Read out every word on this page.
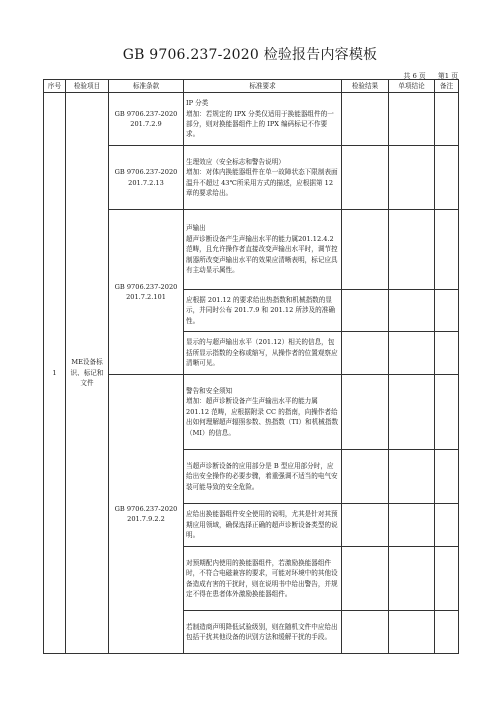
GB 9706.237-2020 检验报告内容模板
共 6 页 第1 页
序号	检验项目	标准条款	标准要求	检验结果	单项结论	备注
1	ME设备标识、标记和文件	GB 9706.237-2020 201.7.2.9	IP 分类
增加：若规定的 IPX 分类仅适用于换能器组件的一部分，则对换能器组件上的 IPX 编码标记不作要求。			
		GB 9706.237-2020 201.7.2.13	生理效应（安全标志和警告说明）
增加：对体内换能器组件在单一故障状态下限制表面温升不超过 43℃所采用方式的描述，应根据第 12 章的要求给出。			
		GB 9706.237-2020 201.7.2.101	声输出
超声诊断设备产生声输出水平的能力属201.12.4.2范畴，且允许操作者直接改变声输出水平时，调节控制器所改变声输出水平的效果应清晰表明，标记应具有主动显示属性。			
			应根据 201.12 的要求给出热指数和机械指数的显示，并同时公布 201.7.9 和 201.12 所涉及的准确性。			
			显示的与超声输出水平（201.12）相关的信息，包括所显示指数的全称或缩写，从操作者的位置观察应清晰可见。			
		GB 9706.237-2020 201.7.9.2.2	警告和安全须知
增加：超声诊断设备产生声输出水平的能力属 201.12 范畴，应根据附录 CC 的指南，向操作者给出如何理解超声辐照参数、热指数（TI）和机械指数（MI）的信息。			
			当超声诊断设备的应用部分是 B 型应用部分时，应给出安全操作的必要步骤，着重强调不适当的电气安装可能导致的安全危险。			
			应给出换能器组件安全使用的说明，尤其是针对其预期应用领域，确保选择正确的超声诊断设备类型的说明。			
			对预期配内使用的换能器组件，若激励换能器组件时，不符合电磁兼容的要求，可能对环境中的其他设备造成有害的干扰时，则在说明书中给出警告，并规定不得在患者体外激励换能器组件。			
			若制造商声明降低试验级别，则在随机文件中应给出包括干扰其他设备的识别方法和缓解干扰的手段。			
